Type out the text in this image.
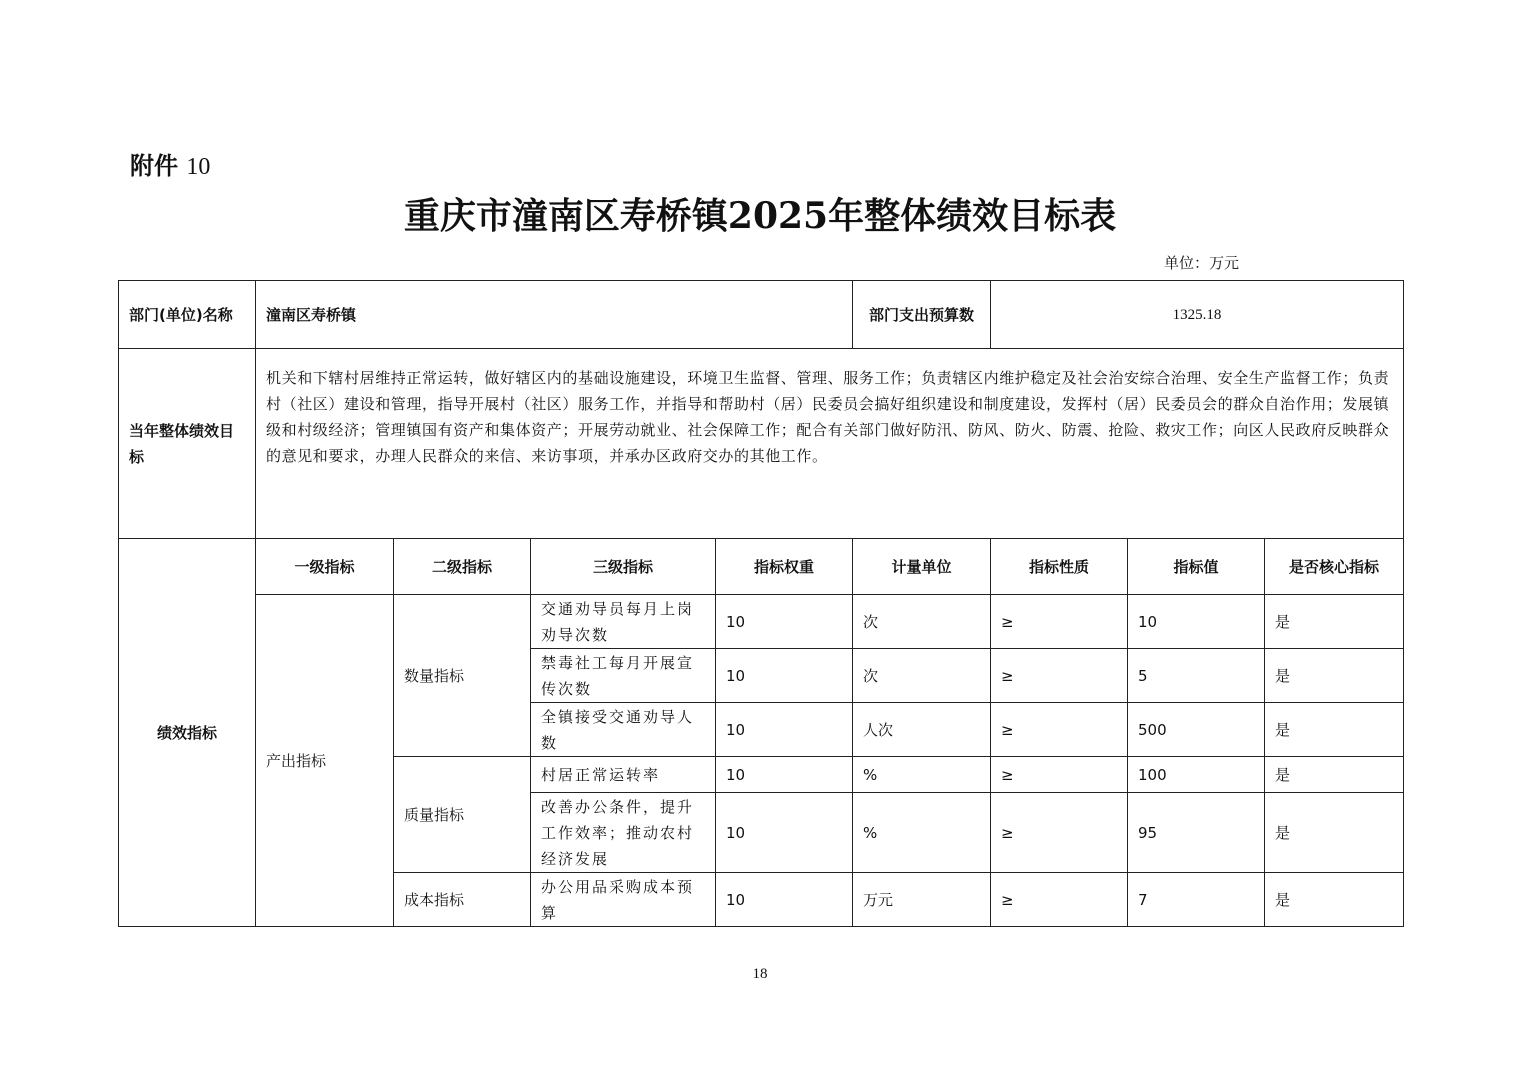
附件 10
重庆市潼南区寿桥镇2025年整体绩效目标表
单位：万元
部门(单位)名称	潼南区寿桥镇				部门支出预算数	1325.18		
当年整体绩效目标	机关和下辖村居维持正常运转，做好辖区内的基础设施建设，环境卫生监督、管理、服务工作；负责辖区内维护稳定及社会治安综合治理、安全生产监督工作；负责村（社区）建设和管理，指导开展村（社区）服务工作，并指导和帮助村（居）民委员会搞好组织建设和制度建设，发挥村（居）民委员会的群众自治作用；发展镇级和村级经济；管理镇国有资产和集体资产；开展劳动就业、社会保障工作；配合有关部门做好防汛、防风、防火、防震、抢险、救灾工作；向区人民政府反映群众的意见和要求，办理人民群众的来信、来访事项，并承办区政府交办的其他工作。							
绩效指标	一级指标	二级指标	三级指标	指标权重	计量单位	指标性质	指标值	是否核心指标
	产出指标	数量指标	交通劝导员每月上岗劝导次数	10	次	≥	10	是
			禁毒社工每月开展宣传次数	10	次	≥	5	是
			全镇接受交通劝导人数	10	人次	≥	500	是
		质量指标	村居正常运转率	10	%	≥	100	是
			改善办公条件，提升工作效率；推动农村经济发展	10	%	≥	95	是
		成本指标	办公用品采购成本预算	10	万元	≥	7	是
18
